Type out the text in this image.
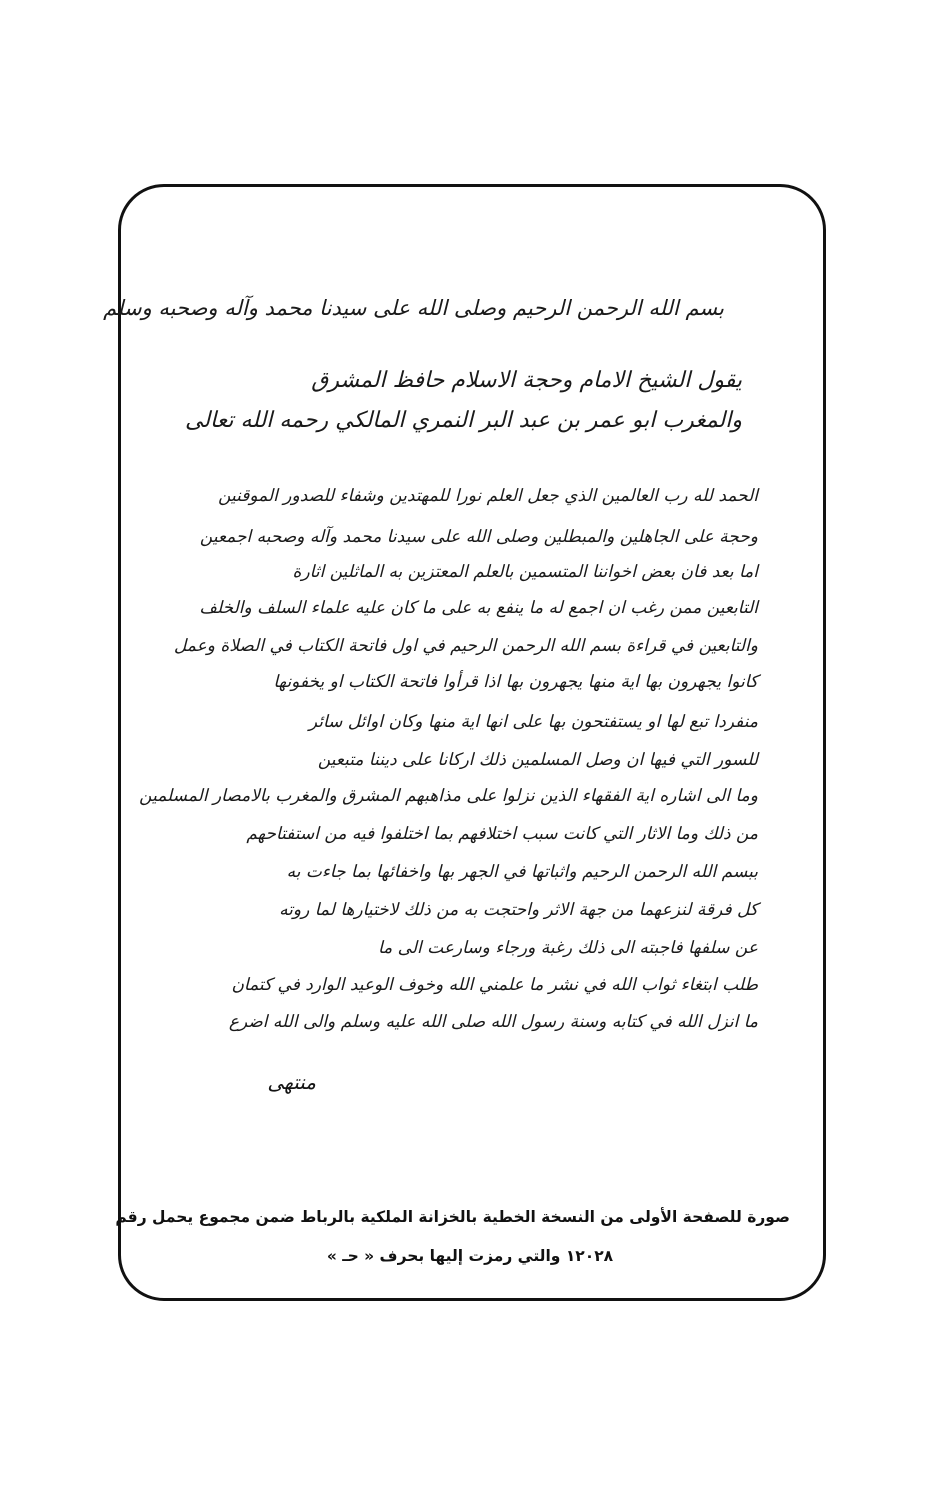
بسم الله الرحمن الرحيم وصلى الله على سيدنا محمد وآله وصحبه وسلم
يقول الشيخ الامام وحجة الاسلام حافظ المشرق
والمغرب ابو عمر بن عبد البر النمري المالكي رحمه الله تعالى
الحمد لله رب العالمين الذي جعل العلم نورا للمهتدين وشفاء للصدور الموقنين
وحجة على الجاهلين والمبطلين وصلى الله على سيدنا محمد وآله وصحبه اجمعين
اما بعد فان بعض اخواننا المتسمين بالعلم المعتزين به الماثلين اثارة
التابعين ممن رغب ان اجمع له ما ينفع به على ما كان عليه علماء السلف والخلف
والتابعين في قراءة بسم الله الرحمن الرحيم في اول فاتحة الكتاب في الصلاة وعمل
كانوا يجهرون بها اية منها يجهرون بها اذا قرأوا فاتحة الكتاب او يخفونها
منفردا تبع لها او يستفتحون بها على انها اية منها وكان اوائل سائر
للسور التي فيها ان وصل المسلمين ذلك اركانا على ديننا متبعين
وما الى اشاره اية الفقهاء الذين نزلوا على مذاهبهم المشرق والمغرب بالامصار المسلمين
من ذلك وما الاثار التي كانت سبب اختلافهم بما اختلفوا فيه من استفتاحهم
ببسم الله الرحمن الرحيم واثباتها في الجهر بها واخفائها بما جاءت به
كل فرقة لنزعهما من جهة الاثر واحتجت به من ذلك لاختيارها لما روته
عن سلفها فاجبته الى ذلك رغبة ورجاء وسارعت الى ما
طلب ابتغاء ثواب الله في نشر ما علمني الله وخوف الوعيد الوارد في كتمان
ما انزل الله في كتابه وسنة رسول الله صلى الله عليه وسلم والى الله اضرع
منتهى
صورة للصفحة الأولى من النسخة الخطية بالخزانة الملكية بالرباط ضمن مجموع يحمل رقم
١٢٠٢٨ والتي رمزت إليها بحرف « حـ »
